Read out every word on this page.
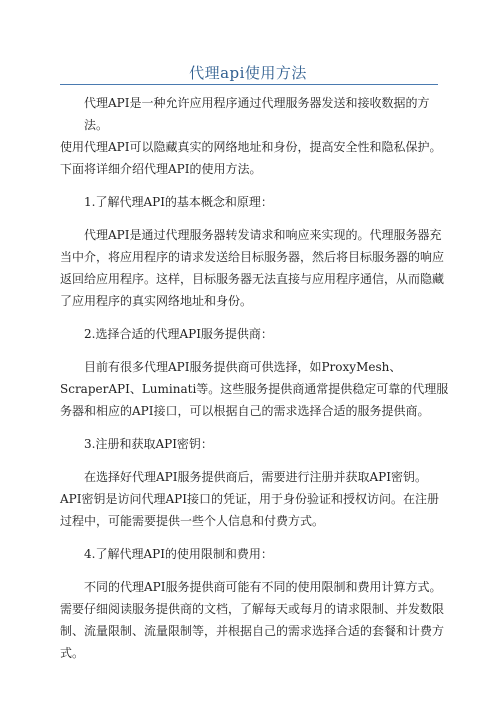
代理api使用方法

代理API是一种允许应用程序通过代理服务器发送和接收数据的方法。

使用代理API可以隐藏真实的网络地址和身份，提高安全性和隐私保护。

下面将详细介绍代理API的使用方法。

1.了解代理API的基本概念和原理：

代理API是通过代理服务器转发请求和响应来实现的。代理服务器充

当中介，将应用程序的请求发送给目标服务器，然后将目标服务器的响应

返回给应用程序。这样，目标服务器无法直接与应用程序通信，从而隐藏

了应用程序的真实网络地址和身份。

2.选择合适的代理API服务提供商：

目前有很多代理API服务提供商可供选择，如ProxyMesh、

ScraperAPI、Luminati等。这些服务提供商通常提供稳定可靠的代理服

务器和相应的API接口，可以根据自己的需求选择合适的服务提供商。

3.注册和获取API密钥：

在选择好代理API服务提供商后，需要进行注册并获取API密钥。

API密钥是访问代理API接口的凭证，用于身份验证和授权访问。在注册

过程中，可能需要提供一些个人信息和付费方式。

4.了解代理API的使用限制和费用：

不同的代理API服务提供商可能有不同的使用限制和费用计算方式。

需要仔细阅读服务提供商的文档，了解每天或每月的请求限制、并发数限

制、流量限制、流量限制等，并根据自己的需求选择合适的套餐和计费方

式。
